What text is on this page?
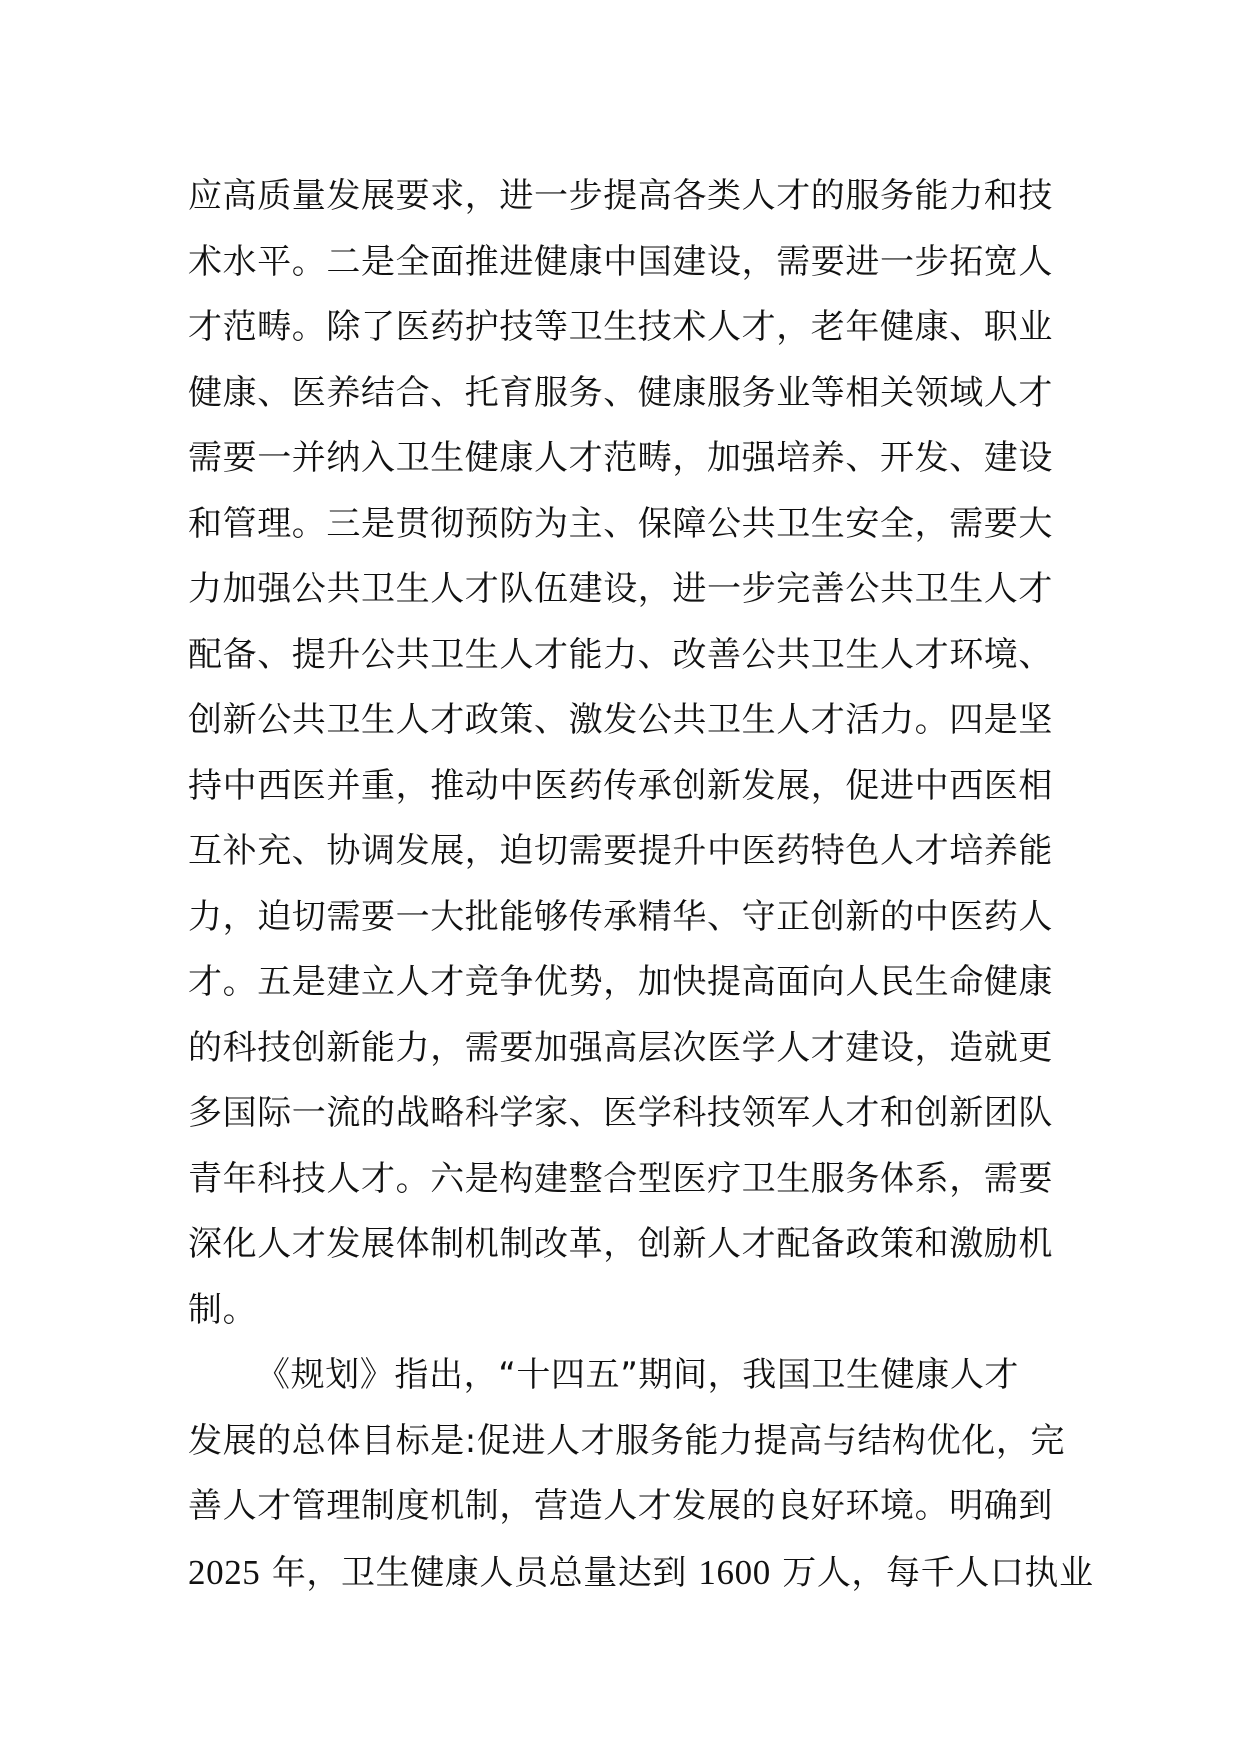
应高质量发展要求，进一步提高各类人才的服务能力和技
术水平。二是全面推进健康中国建设，需要进一步拓宽人
才范畴。除了医药护技等卫生技术人才，老年健康、职业
健康、医养结合、托育服务、健康服务业等相关领域人才
需要一并纳入卫生健康人才范畴，加强培养、开发、建设
和管理。三是贯彻预防为主、保障公共卫生安全，需要大
力加强公共卫生人才队伍建设，进一步完善公共卫生人才
配备、提升公共卫生人才能力、改善公共卫生人才环境、
创新公共卫生人才政策、激发公共卫生人才活力。四是坚
持中西医并重，推动中医药传承创新发展，促进中西医相
互补充、协调发展，迫切需要提升中医药特色人才培养能
力，迫切需要一大批能够传承精华、守正创新的中医药人
才。五是建立人才竞争优势，加快提高面向人民生命健康
的科技创新能力，需要加强高层次医学人才建设，造就更
多国际一流的战略科学家、医学科技领军人才和创新团队
青年科技人才。六是构建整合型医疗卫生服务体系，需要
深化人才发展体制机制改革，创新人才配备政策和激励机
制。
《规划》指出，“十四五”期间，我国卫生健康人才
发展的总体目标是:促进人才服务能力提高与结构优化，完
善人才管理制度机制，营造人才发展的良好环境。明确到
2025 年，卫生健康人员总量达到 1600 万人，每千人口执业
